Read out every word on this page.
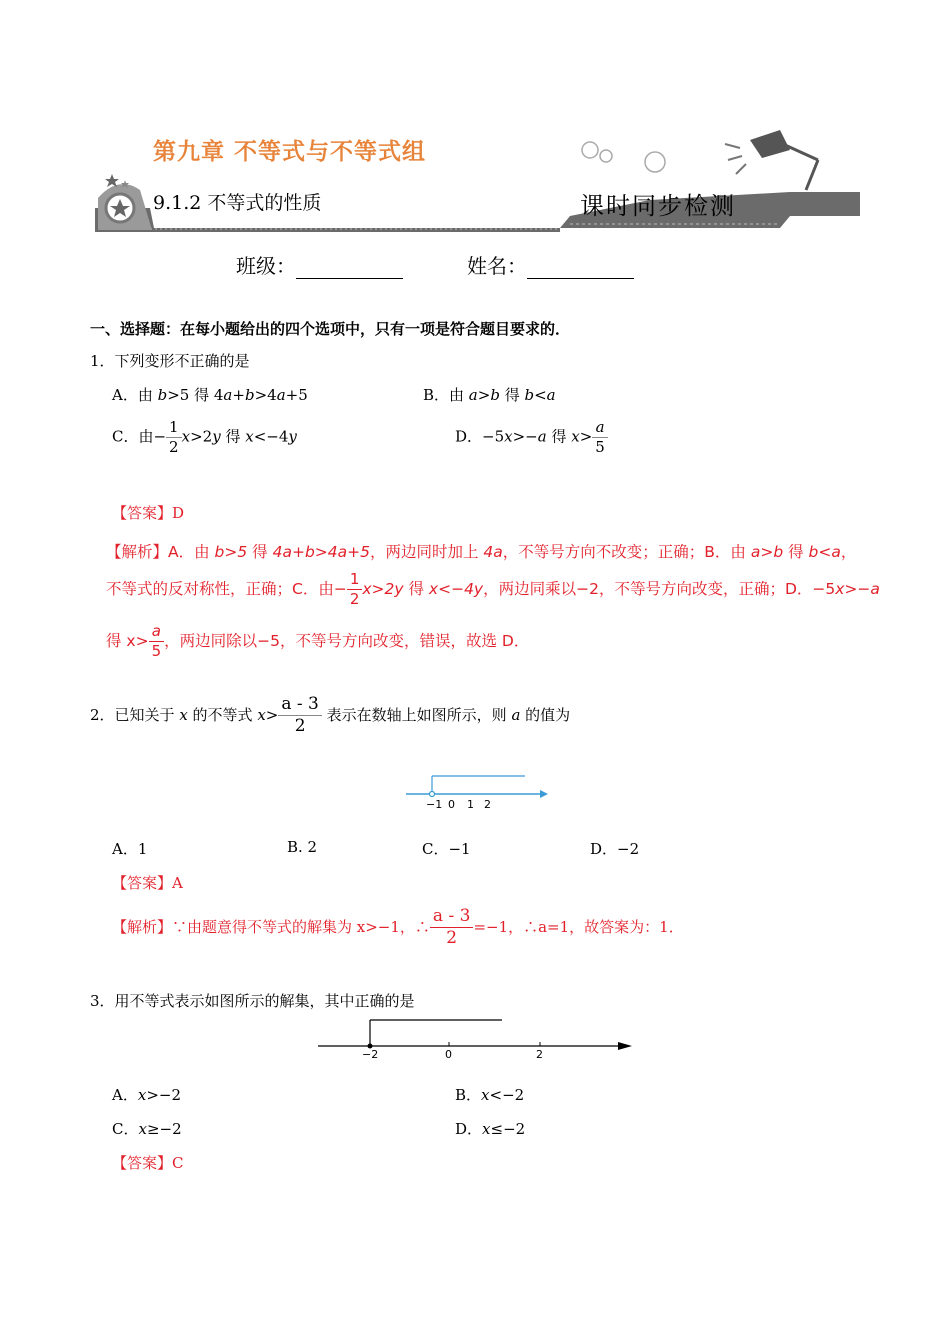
第九章 不等式与不等式组
9.1.2 不等式的性质	课时同步检测
班级：	姓名：
一、选择题：在每小题给出的四个选项中，只有一项是符合题目要求的．
1．下列变形不正确的是
A．由 b>5 得 4a+b>4a+5	B．由 a>b 得 b<a
C．由− $\frac{1}{2} x>2y$ 得 x<−4y	D．−5x>−a 得 $x> \frac{a}{5}$
【答案】D
【解析】A．由 b>5 得 4a+b>4a+5，两边同时加上 4a，不等号方向不改变；正确；B．由 a>b 得 b<a，
不等式的反对称性，正确；C．由− $\frac{1}{2} x>2y$ 得 x<−4y，两边同乘以−2，不等号方向改变，正确；D．−5x>−a
得 $x> \frac{a}{5}$ ，两边同除以−5，不等号方向改变，错误，故选 D．
2．已知关于 x 的不等式 $x> \frac{a - 3}{2}$ 表示在数轴上如图所示，则 a 的值为
−1 0 1 2
A．1	B. 2	C．−1	D．−2
【答案】A
【解析】∵由题意得不等式的解集为 x>−1，∴ $\frac{a - 3}{2} =-1$，∴a=1，故答案为：1．
3．用不等式表示如图所示的解集，其中正确的是
−2	0	2
A．x>−2	B．x<−2
C．x≥−2	D．x≤−2
【答案】C
